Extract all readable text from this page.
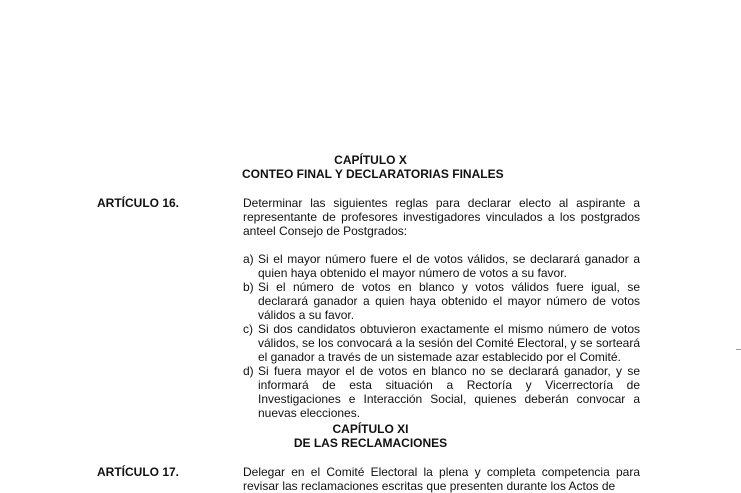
CAPÍTULO X
CONTEO FINAL Y DECLARATORIAS FINALES
ARTÍCULO 16.	Determinar las siguientes reglas para declarar electo al aspirante a representante de profesores investigadores vinculados a los postgrados anteel Consejo de Postgrados:
a) Si el mayor número fuere el de votos válidos, se declarará ganador a quien haya obtenido el mayor número de votos a su favor.
b) Si el número de votos en blanco y votos válidos fuere igual, se declarará ganador a quien haya obtenido el mayor número de votos válidos a su favor.
c) Si dos candidatos obtuvieron exactamente el mismo número de votos válidos, se los convocará a la sesión del Comité Electoral, y se sorteará el ganador a través de un sistemade azar establecido por el Comité.
d) Si fuera mayor el de votos en blanco no se declarará ganador, y se informará de esta situación a Rectoría y Vicerrectoría de Investigaciones e Interacción Social, quienes deberán convocar a nuevas elecciones.
CAPÍTULO XI
DE LAS RECLAMACIONES
ARTÍCULO 17.	Delegar en el Comité Electoral la plena y completa competencia para revisar las reclamaciones escritas que presenten durante los Actos de
